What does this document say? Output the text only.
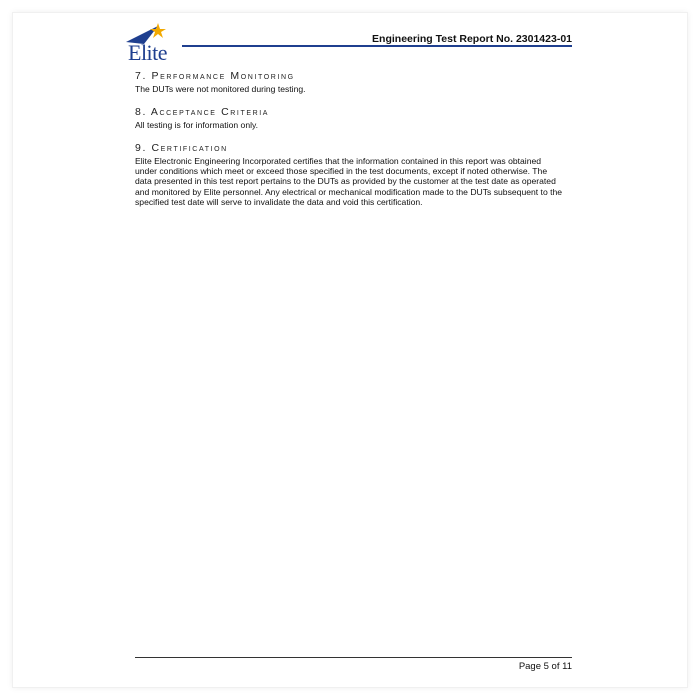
Elite
Engineering Test Report No. 2301423-01
7. Performance Monitoring

The DUTs were not monitored during testing.

8. Acceptance Criteria

All testing is for information only.

9. Certification

Elite Electronic Engineering Incorporated certifies that the information contained in this report was obtained under conditions which meet or exceed those specified in the test documents, except if noted otherwise. The data presented in this test report pertains to the DUTs as provided by the customer at the test date as operated and monitored by Elite personnel. Any electrical or mechanical modification made to the DUTs subsequent to the specified test date will serve to invalidate the data and void this certification.

Page 5 of 11
